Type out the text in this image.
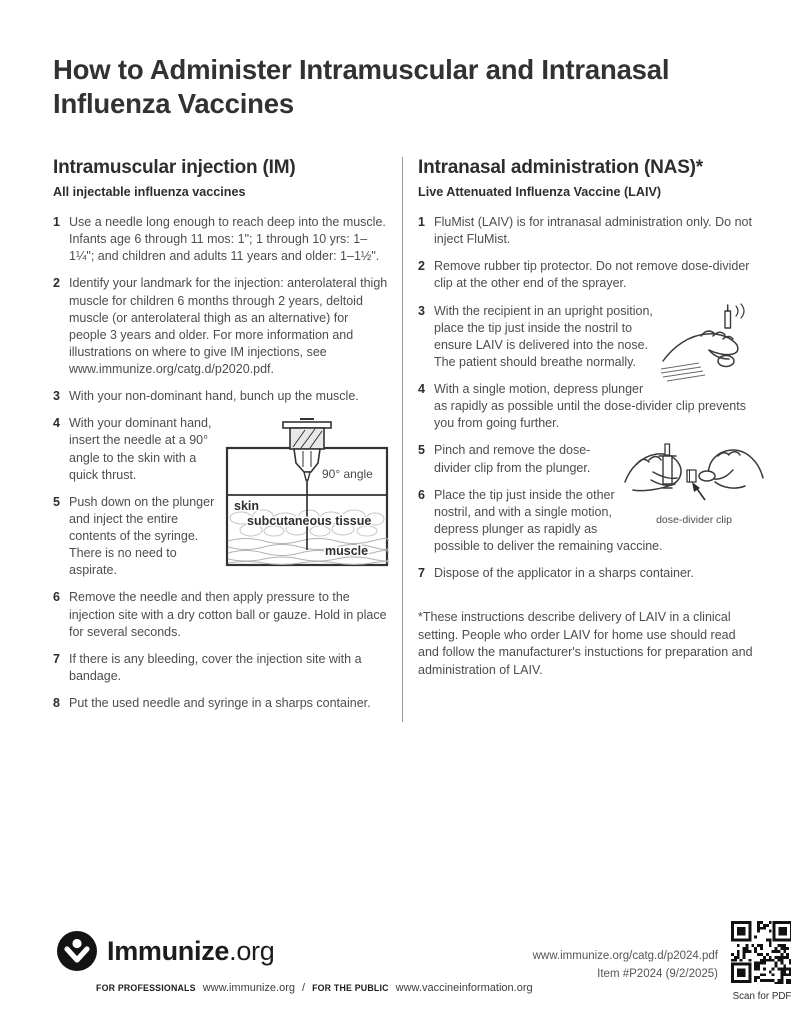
How to Administer Intramuscular and Intranasal Influenza Vaccines
Intramuscular injection (IM)
All injectable influenza vaccines
1 Use a needle long enough to reach deep into the muscle. Infants age 6 through 11 mos: 1"; 1 through 10 yrs: 1–1¼"; and children and adults 11 years and older: 1–1½".
2 Identify your landmark for the injection: anterolateral thigh muscle for children 6 months through 2 years, deltoid muscle (or anterolateral thigh as an alternative) for people 3 years and older. For more information and illustrations on where to give IM injections, see www.immunize.org/catg.d/p2020.pdf.
3 With your non-dominant hand, bunch up the muscle.
90° angle
skin
subcutaneous tissue
muscle
4 With your dominant hand, insert the needle at a 90° angle to the skin with a quick thrust.
5 Push down on the plunger and inject the entire contents of the syringe. There is no need to aspirate.
6 Remove the needle and then apply pressure to the injection site with a dry cotton ball or gauze. Hold in place for several seconds.
7 If there is any bleeding, cover the injection site with a bandage.
8 Put the used needle and syringe in a sharps container.
Intranasal administration (NAS)*
Live Attenuated Influenza Vaccine (LAIV)
1 FluMist (LAIV) is for intranasal administration only. Do not inject FluMist.
2 Remove rubber tip protector. Do not remove dose-divider clip at the other end of the sprayer.
3 With the recipient in an upright position, place the tip just inside the nostril to ensure LAIV is delivered into the nose. The patient should breathe normally.
4 With a single motion, depress plunger as rapidly as possible until the dose-divider clip prevents you from going further.
dose-divider clip
5 Pinch and remove the dose-divider clip from the plunger.
6 Place the tip just inside the other nostril, and with a single motion, depress plunger as rapidly as possible to deliver the remaining vaccine.
7 Dispose of the applicator in a sharps container.
*These instructions describe delivery of LAIV in a clinical setting. People who order LAIV for home use should read and follow the manufacturer's instuctions for preparation and administration of LAIV.
Immunize.org
FOR PROFESSIONALS www.immunize.org / FOR THE PUBLIC www.vaccineinformation.org
www.immunize.org/catg.d/p2024.pdf
Item #P2024 (9/2/2025)
Scan for PDF
